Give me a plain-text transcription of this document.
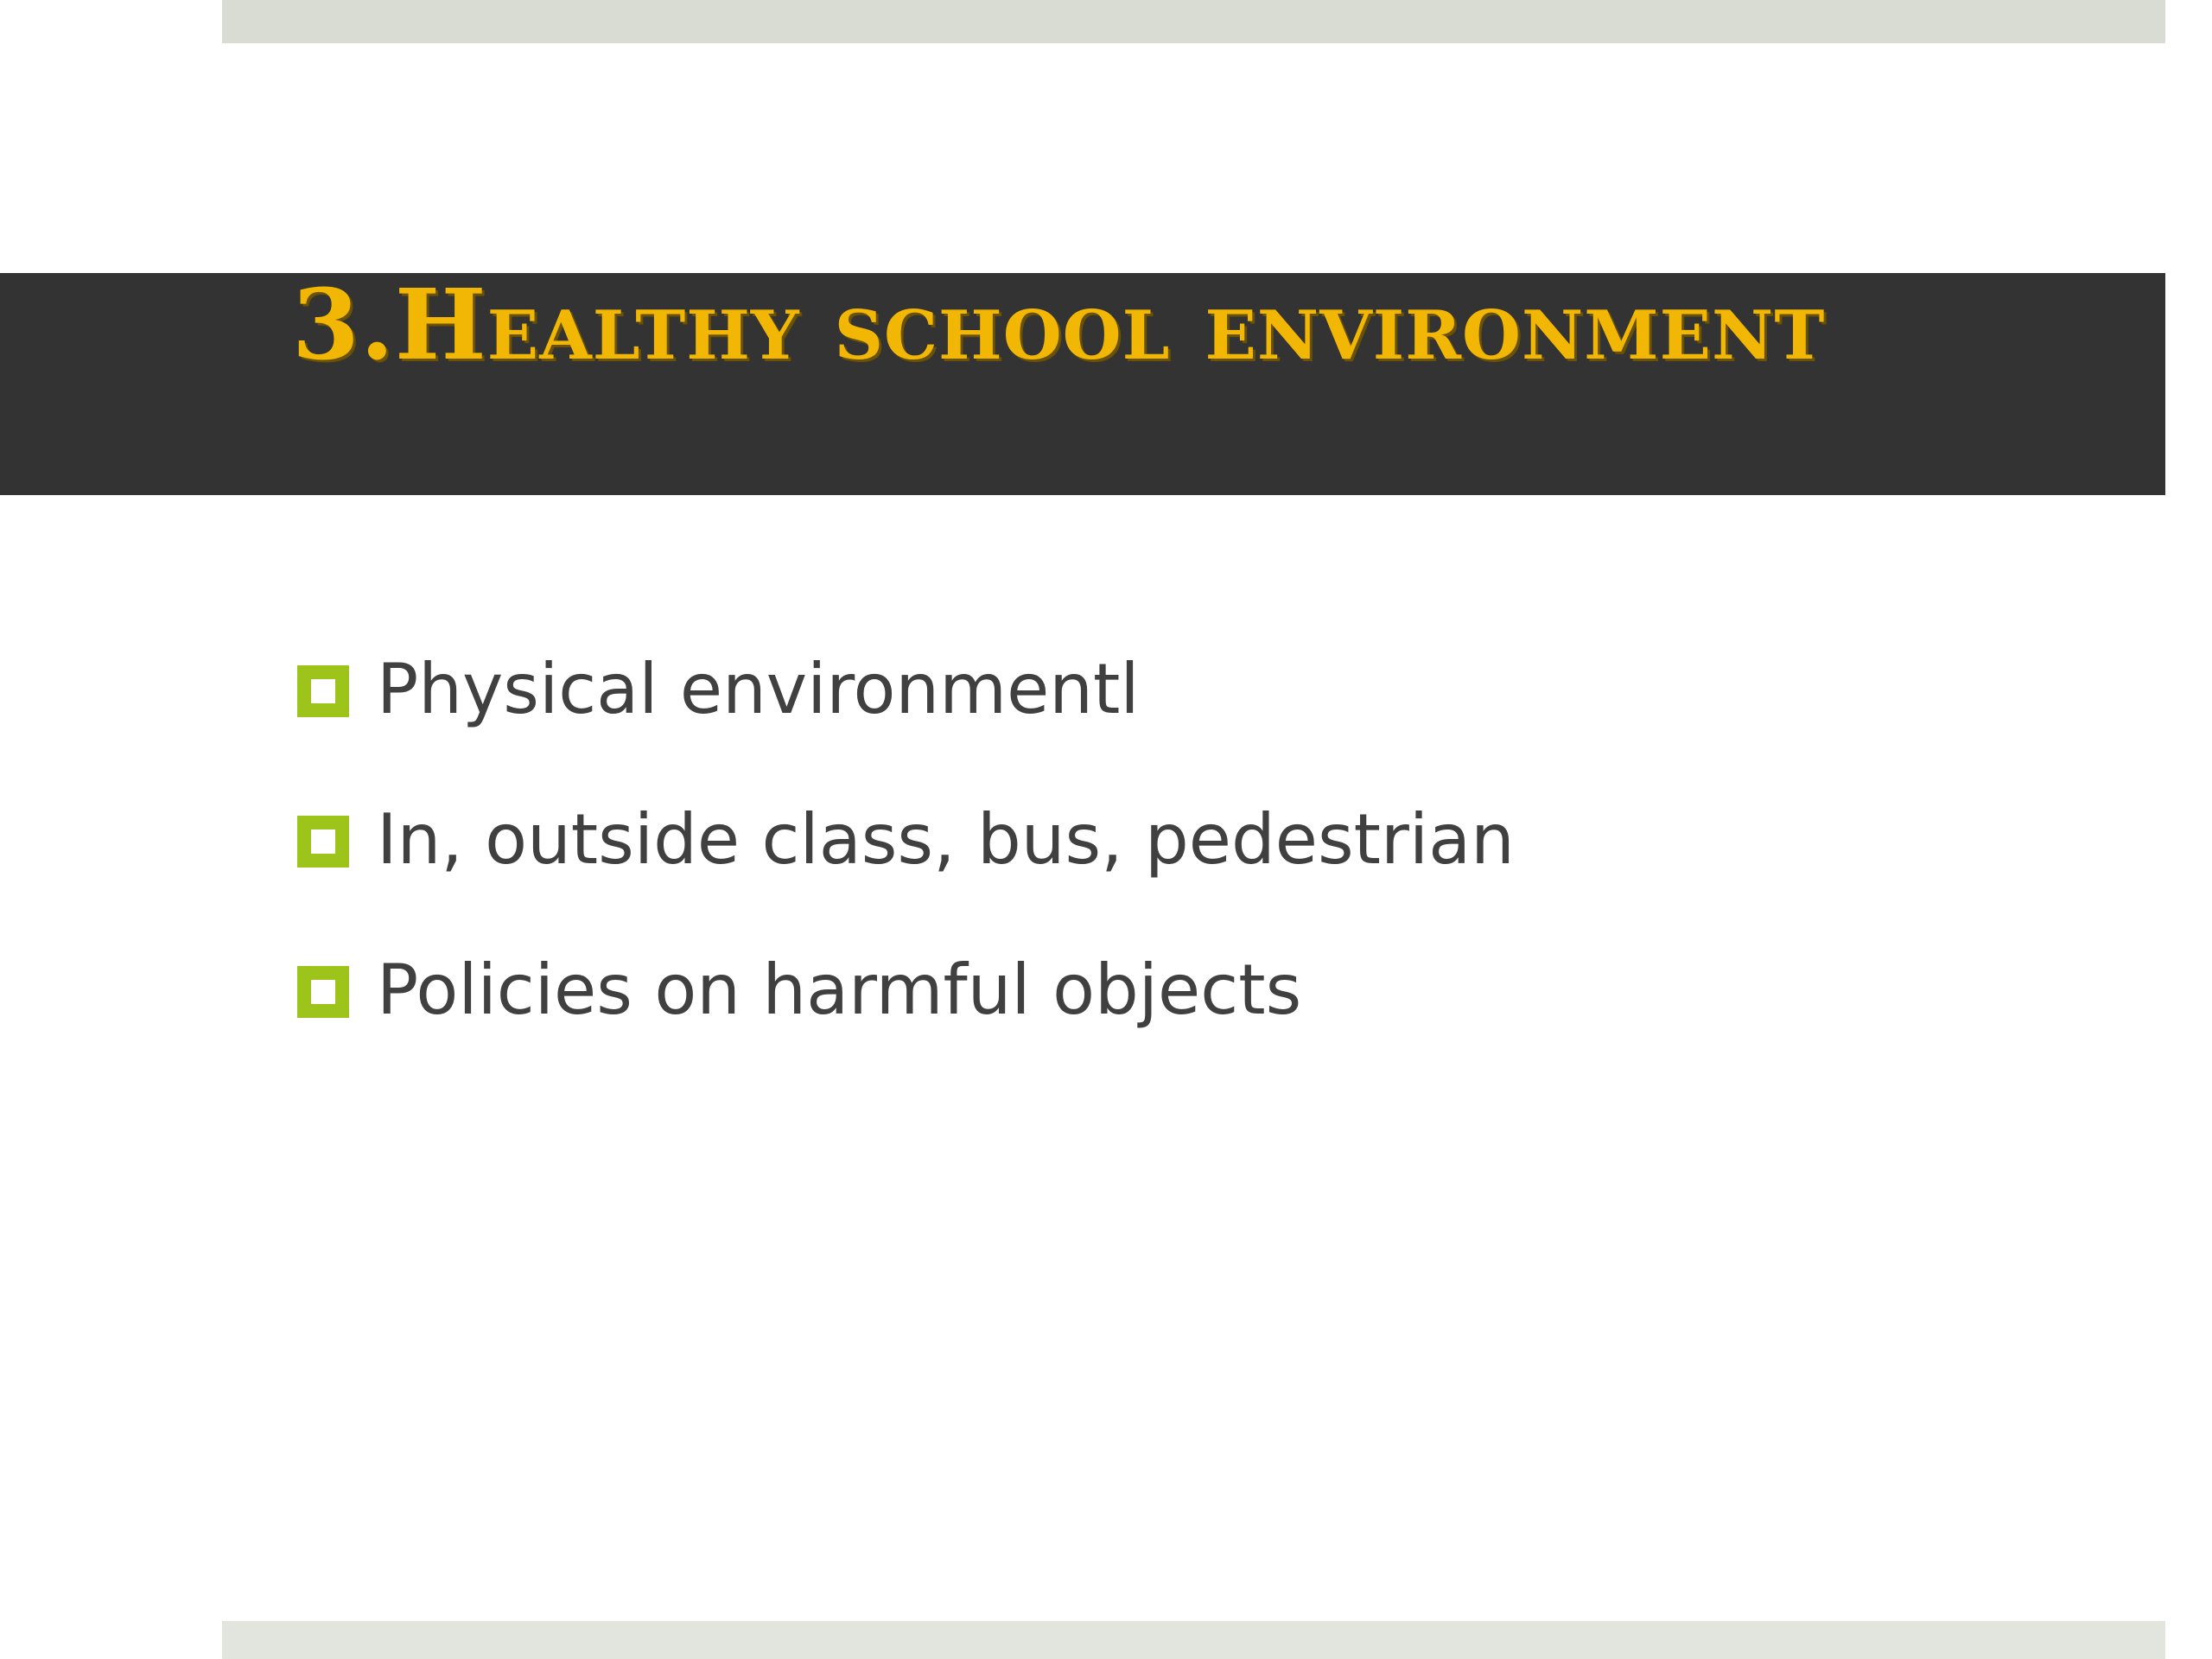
3.Healthy school environment
Physical environmentl
In, outside class, bus, pedestrian
Policies on harmful objects
